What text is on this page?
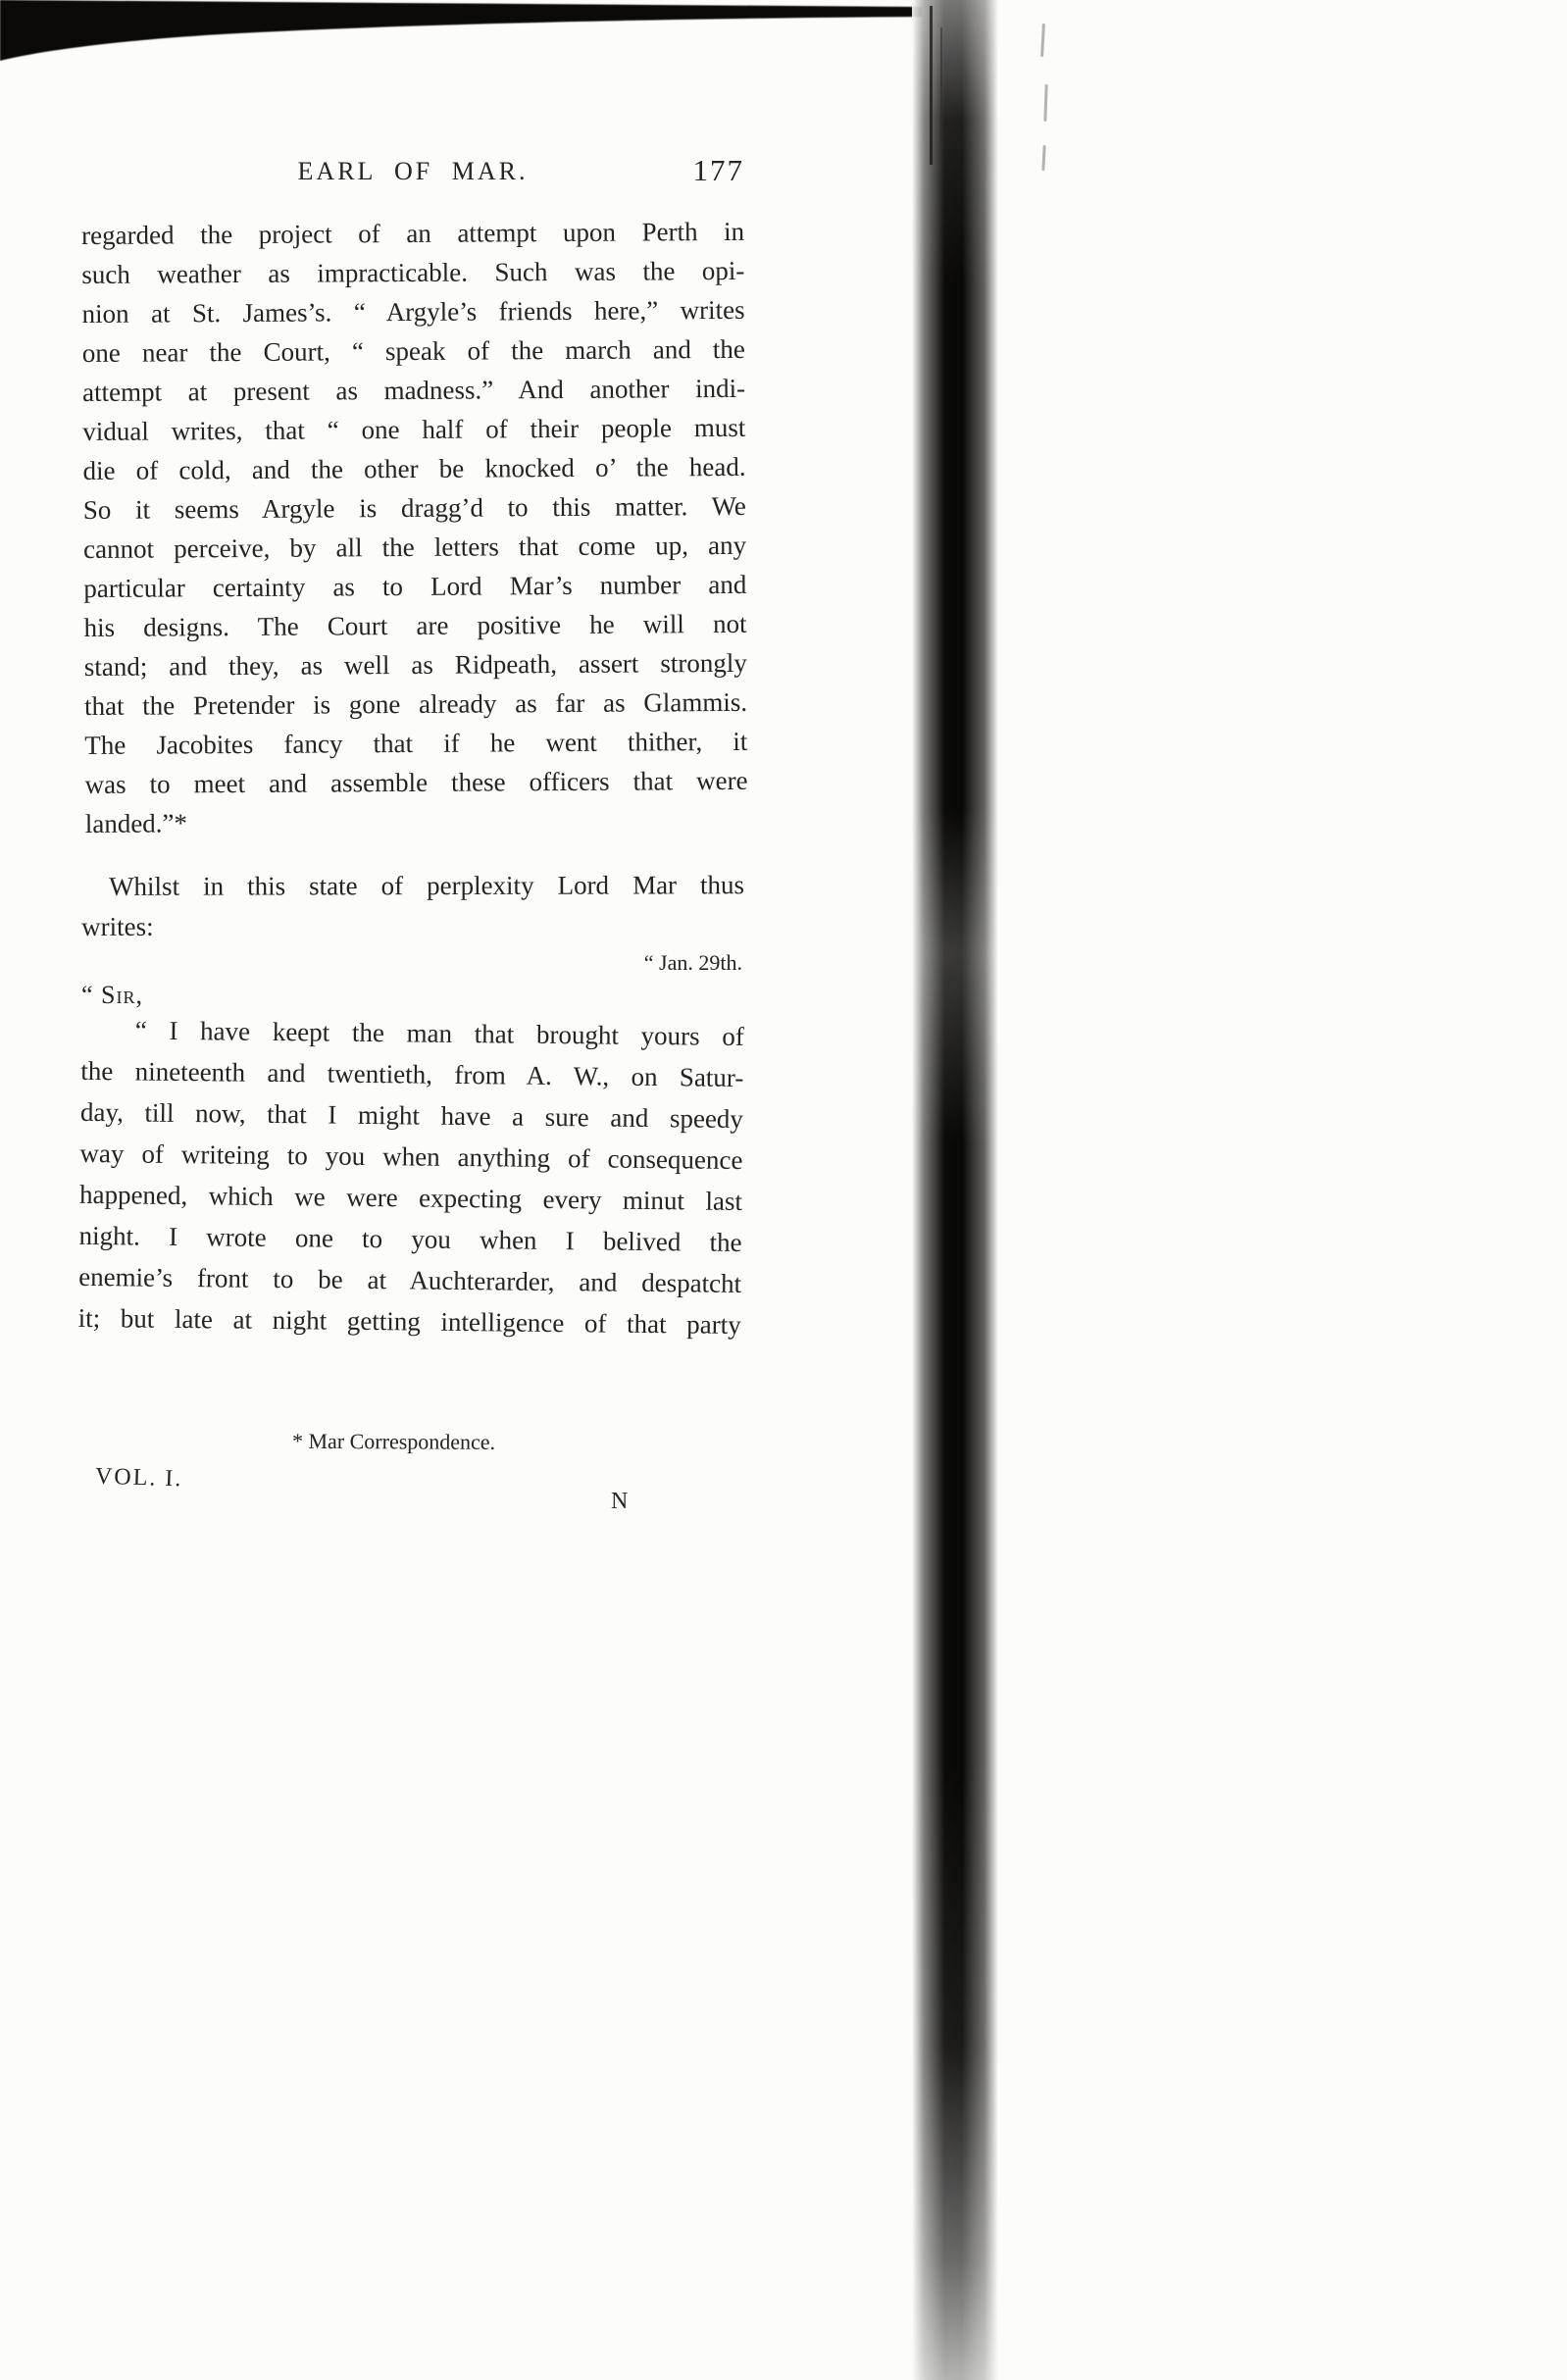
EARL OF MAR.	177
regarded the project of an attempt upon Perth in
such weather as impracticable. Such was the opi-
nion at St. James’s. “ Argyle’s friends here,” writes
one near the Court, “ speak of the march and the
attempt at present as madness.” And another indi-
vidual writes, that “ one half of their people must
die of cold, and the other be knocked o’ the head.
So it seems Argyle is dragg’d to this matter. We
cannot perceive, by all the letters that come up, any
particular certainty as to Lord Mar’s number and
his designs. The Court are positive he will not
stand; and they, as well as Ridpeath, assert strongly
that the Pretender is gone already as far as Glammis.
The Jacobites fancy that if he went thither, it
was to meet and assemble these officers that were
landed.”*
Whilst in this state of perplexity Lord Mar thus
writes:
“ Jan. 29th.
“ Sir,
“ I have keept the man that brought yours of
the nineteenth and twentieth, from A. W., on Satur-
day, till now, that I might have a sure and speedy
way of writeing to you when anything of consequence
happened, which we were expecting every minut last
night. I wrote one to you when I belived the
enemie’s front to be at Auchterarder, and despatcht
it; but late at night getting intelligence of that party
* Mar Correspondence.
VOL. I.
N
